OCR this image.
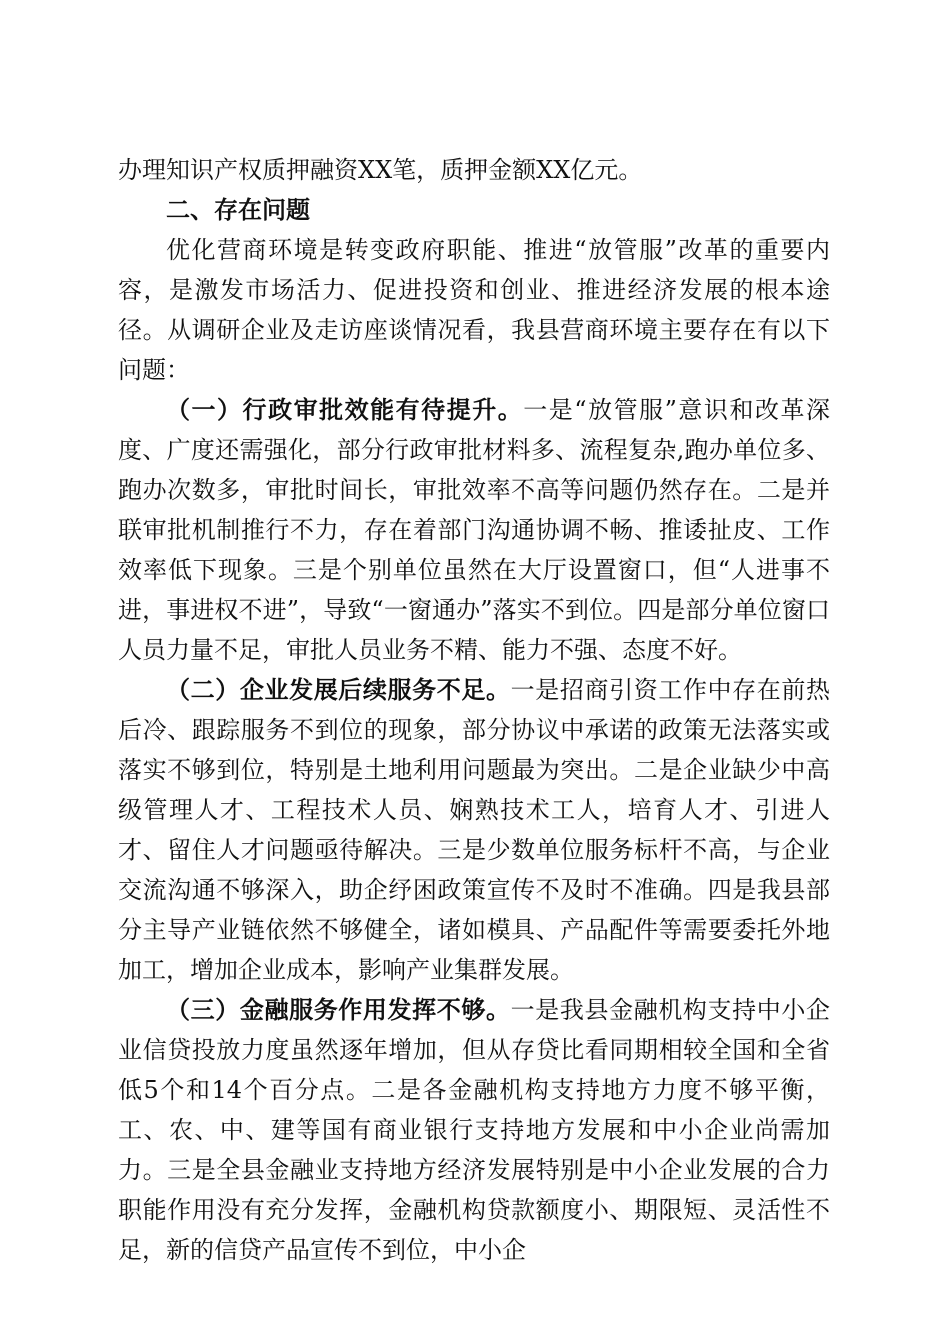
办理知识产权质押融资XX笔，质押金额XX亿元。

二、存在问题

优化营商环境是转变政府职能、推进“放管服”改革的重要内容，是激发市场活力、促进投资和创业、推进经济发展的根本途径。从调研企业及走访座谈情况看，我县营商环境主要存在有以下问题：

（一）行政审批效能有待提升。一是“放管服”意识和改革深度、广度还需强化，部分行政审批材料多、流程复杂,跑办单位多、跑办次数多，审批时间长，审批效率不高等问题仍然存在。二是并联审批机制推行不力，存在着部门沟通协调不畅、推诿扯皮、工作效率低下现象。三是个别单位虽然在大厅设置窗口，但“人进事不进，事进权不进”，导致“一窗通办”落实不到位。四是部分单位窗口人员力量不足，审批人员业务不精、能力不强、态度不好。

（二）企业发展后续服务不足。一是招商引资工作中存在前热后冷、跟踪服务不到位的现象，部分协议中承诺的政策无法落实或落实不够到位，特别是土地利用问题最为突出。二是企业缺少中高级管理人才、工程技术人员、娴熟技术工人，培育人才、引进人才、留住人才问题亟待解决。三是少数单位服务标杆不高，与企业交流沟通不够深入，助企纾困政策宣传不及时不准确。四是我县部分主导产业链依然不够健全，诸如模具、产品配件等需要委托外地加工，增加企业成本，影响产业集群发展。

（三）金融服务作用发挥不够。一是我县金融机构支持中小企业信贷投放力度虽然逐年增加，但从存贷比看同期相较全国和全省低5个和14个百分点。二是各金融机构支持地方力度不够平衡，工、农、中、建等国有商业银行支持地方发展和中小企业尚需加力。三是全县金融业支持地方经济发展特别是中小企业发展的合力职能作用没有充分发挥，金融机构贷款额度小、期限短、灵活性不足，新的信贷产品宣传不到位，中小企
